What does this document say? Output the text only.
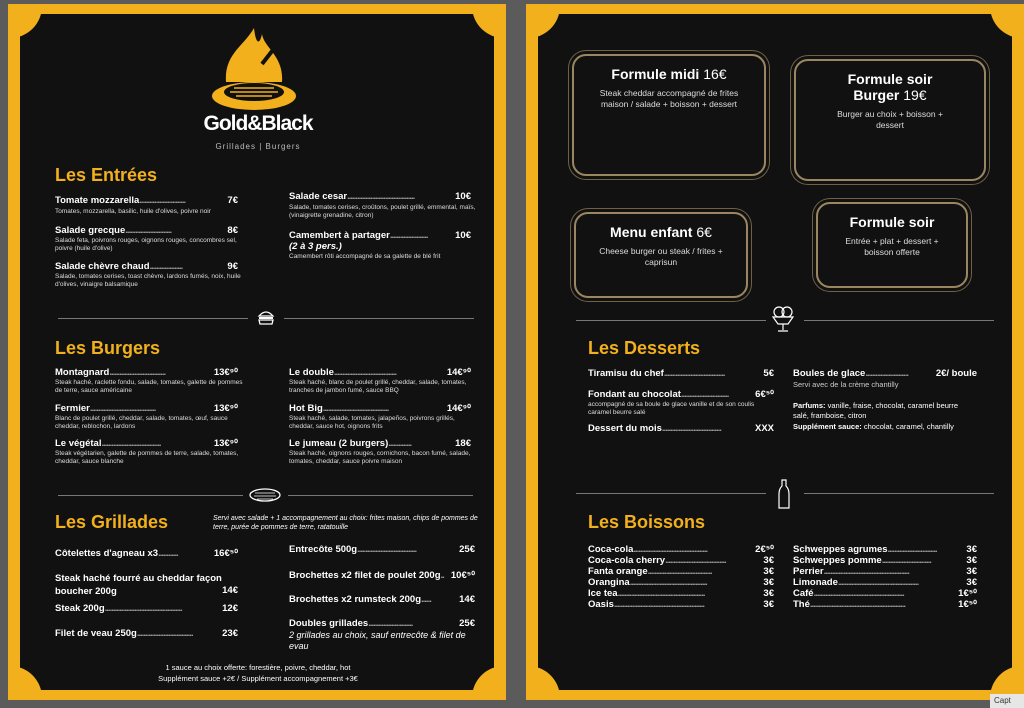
Gold&Black
Grillades | Burgers
Les Entrées
Tomate mozzarella............................	7€
Tomates, mozzarella, basilic, huile d'olives, poivre noir
Salade grecque............................	8€
Salade feta, poivrons rouges, oignons rouges, concombres sel, poivre (huile d'olive)
Salade chèvre chaud....................	9€
Salade, tomates cerises, toast chèvre, lardons fumés, noix, huile d'olives, vinaigre balsamique
Salade cesar.........................................	10€
Salade, tomates cerises, croûtons, poulet grillé, emmental, maïs, (vinaigrette grenadine, citron)
Camembert à partager.......................	10€
(2 à 3 pers.)
Camembert rôti accompagné de sa galette de blé frit
Les Burgers
Montagnard..................................	13€⁹⁰
Steak haché, raclette fondu, salade, tomates, galette de pommes de terre, sauce américaine
Fermier........................................	13€⁹⁰
Blanc de poulet grillé, cheddar, salade, tomates, œuf, sauce cheddar, reblochon, lardons
Le végétal....................................	13€⁹⁰
Steak végétarien, galette de pommes de terre, salade, tomates, cheddar, sauce blanche
Le double......................................	14€⁹⁰
Steak haché, blanc de poulet grillé, cheddar, salade, tomates, tranches de jambon fumé, sauce BBQ
Hot Big........................................	14€⁹⁰
Steak haché, salade, tomates, jalapeños, poivrons grillés, cheddar, sauce hot, oignons frits
Le jumeau (2 burgers)..............	18€
Steak haché, oignons rouges, cornichons, bacon fumé, salade, tomates, cheddar, sauce poivre maison
Les Grillades	Servi avec salade + 1 accompagnement au choix: frites maison, chips de pommes de terre, purée de pommes de terre, ratatouille
Côtelettes d'agneau x3............	16€⁵⁰
Steak haché fourré au cheddar façon boucher 200g	14€
Steak 200g...............................................	12€
Filet de veau 250g..................................	23€
Entrecôte 500g....................................	25€
Brochettes x2 filet de poulet 200g.. 10€⁵⁰
Brochettes x2 rumsteck 200g......	14€
Doubles grillades...........................	25€
2 grillades au choix, sauf entrecôte & filet de evau
1 sauce au choix offerte: forestière, poivre, cheddar, hot
Supplément sauce +2€ / Supplément accompagnement +3€
Formule midi 16€
Steak cheddar accompagné de frites maison / salade + boisson + dessert
Formule soir Burger 19€
Burger au choix + boisson + dessert
Menu enfant 6€
Cheese burger ou steak / frites + caprisun
Formule soir
Entrée + plat + dessert + boisson offerte
Les Desserts
Tiramisu du chef.....................................	5€
Fondant au chocolat.............................	6€⁵⁰
accompagné de sa boule de glace vanille et de son coulis caramel beurre salé
Dessert du mois....................................	XXX
Boules de glace..........................	2€/ boule
Servi avec de la crème chantilly
Parfums: vanille, fraise, chocolat, caramel beurre salé, framboise, citron
Supplément sauce: chocolat, caramel, chantilly
Les Boissons
Coca-cola.............................................	2€⁵⁰
Coca-cola cherry.....................................	3€
Fanta orange.......................................	3€
Orangina...............................................	3€
Ice tea.....................................................	3€
Oasis.......................................................	3€
Schweppes agrumes..............................	3€
Schweppes pomme..............................	3€
Perrier....................................................	3€
Limonade.................................................	3€
Café.......................................................	1€⁵⁰
Thé..........................................................	1€⁵⁰
Capt
